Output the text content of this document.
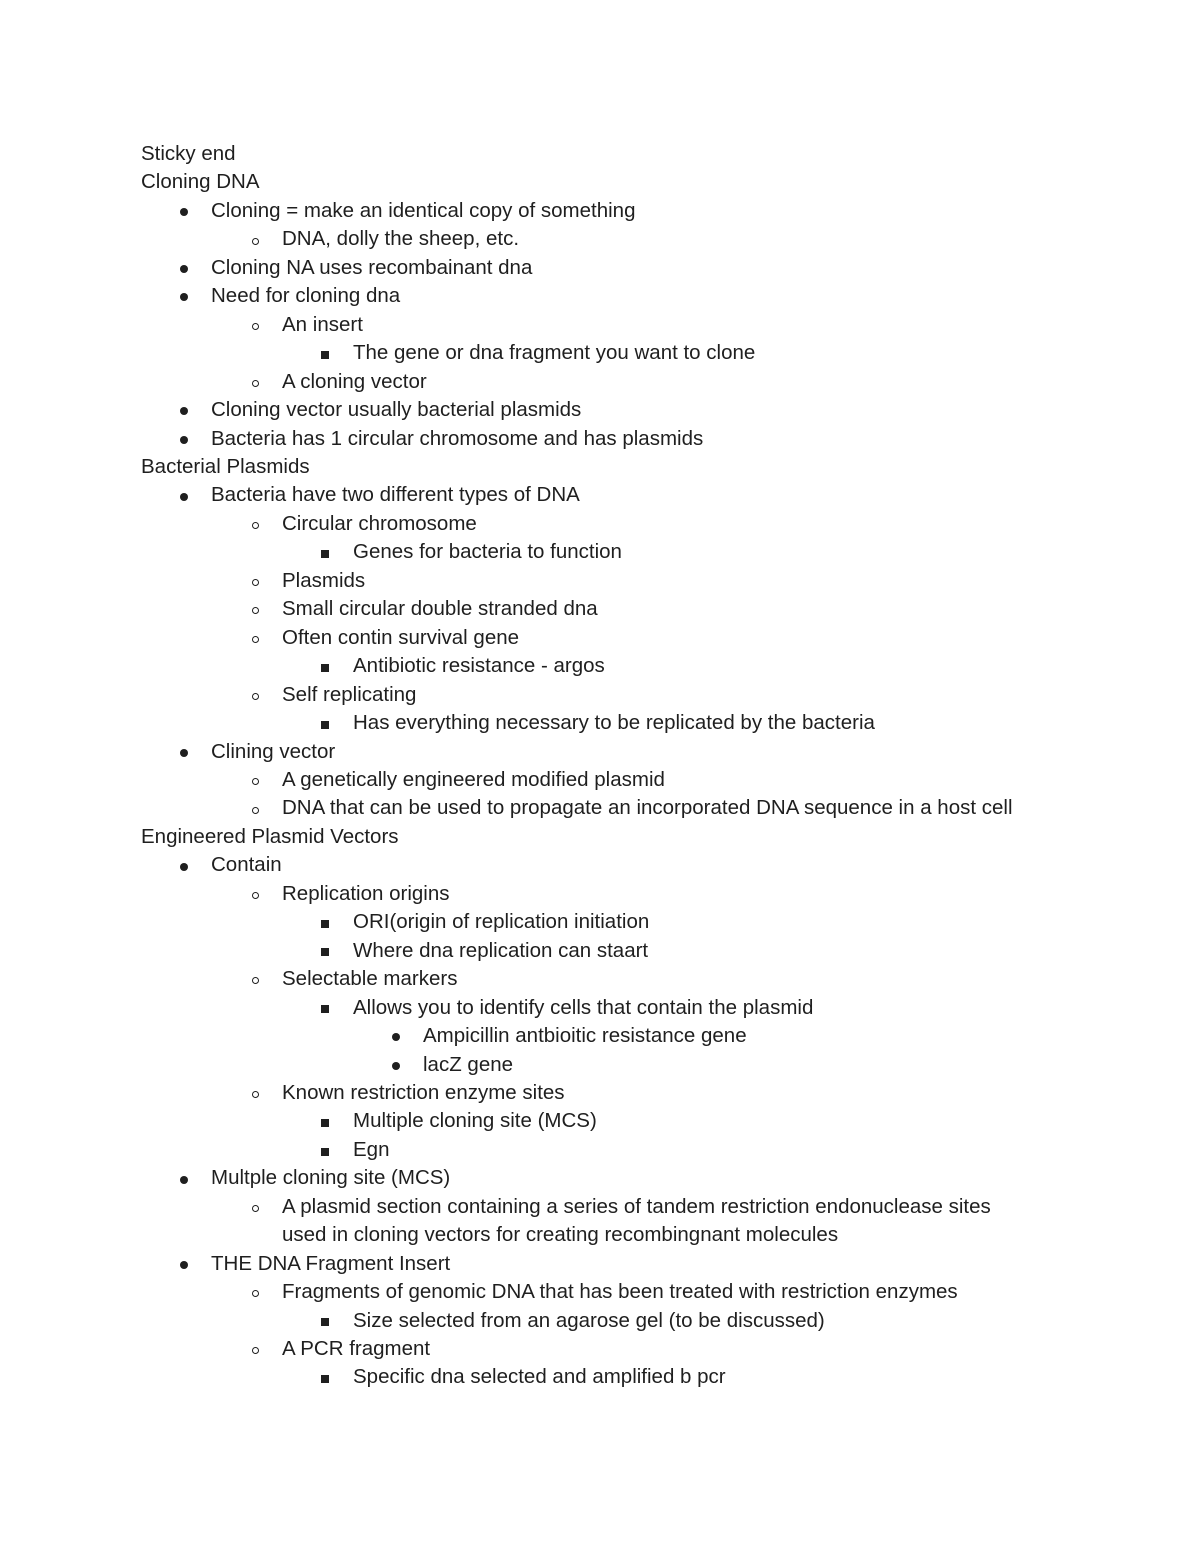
Sticky end
Cloning DNA
Cloning = make an identical copy of something
DNA, dolly the sheep, etc.
Cloning NA uses recombainant dna
Need for cloning dna
An insert
The gene or dna fragment you want to clone
A cloning vector
Cloning vector usually bacterial plasmids
Bacteria has 1 circular chromosome and has plasmids
Bacterial Plasmids
Bacteria have two different types of DNA
Circular chromosome
Genes for bacteria to function
Plasmids
Small circular double stranded dna
Often contin survival gene
Antibiotic resistance - argos
Self replicating
Has everything necessary to be replicated by the bacteria
Clining vector
A genetically engineered modified plasmid
DNA that can be used to propagate an incorporated DNA sequence in a host cell
Engineered Plasmid Vectors
Contain
Replication origins
ORI(origin of replication initiation
Where dna replication can staart
Selectable markers
Allows you to identify cells that contain the plasmid
Ampicillin antbioitic resistance gene
lacZ gene
Known restriction enzyme sites
Multiple cloning site (MCS)
Egn
Multple cloning site (MCS)
A plasmid section containing a series of tandem restriction endonuclease sites
used in cloning vectors for creating recombingnant molecules
THE DNA Fragment Insert
Fragments of genomic DNA that has been treated with restriction enzymes
Size selected from an agarose gel (to be discussed)
A PCR fragment
Specific dna selected and amplified b pcr
